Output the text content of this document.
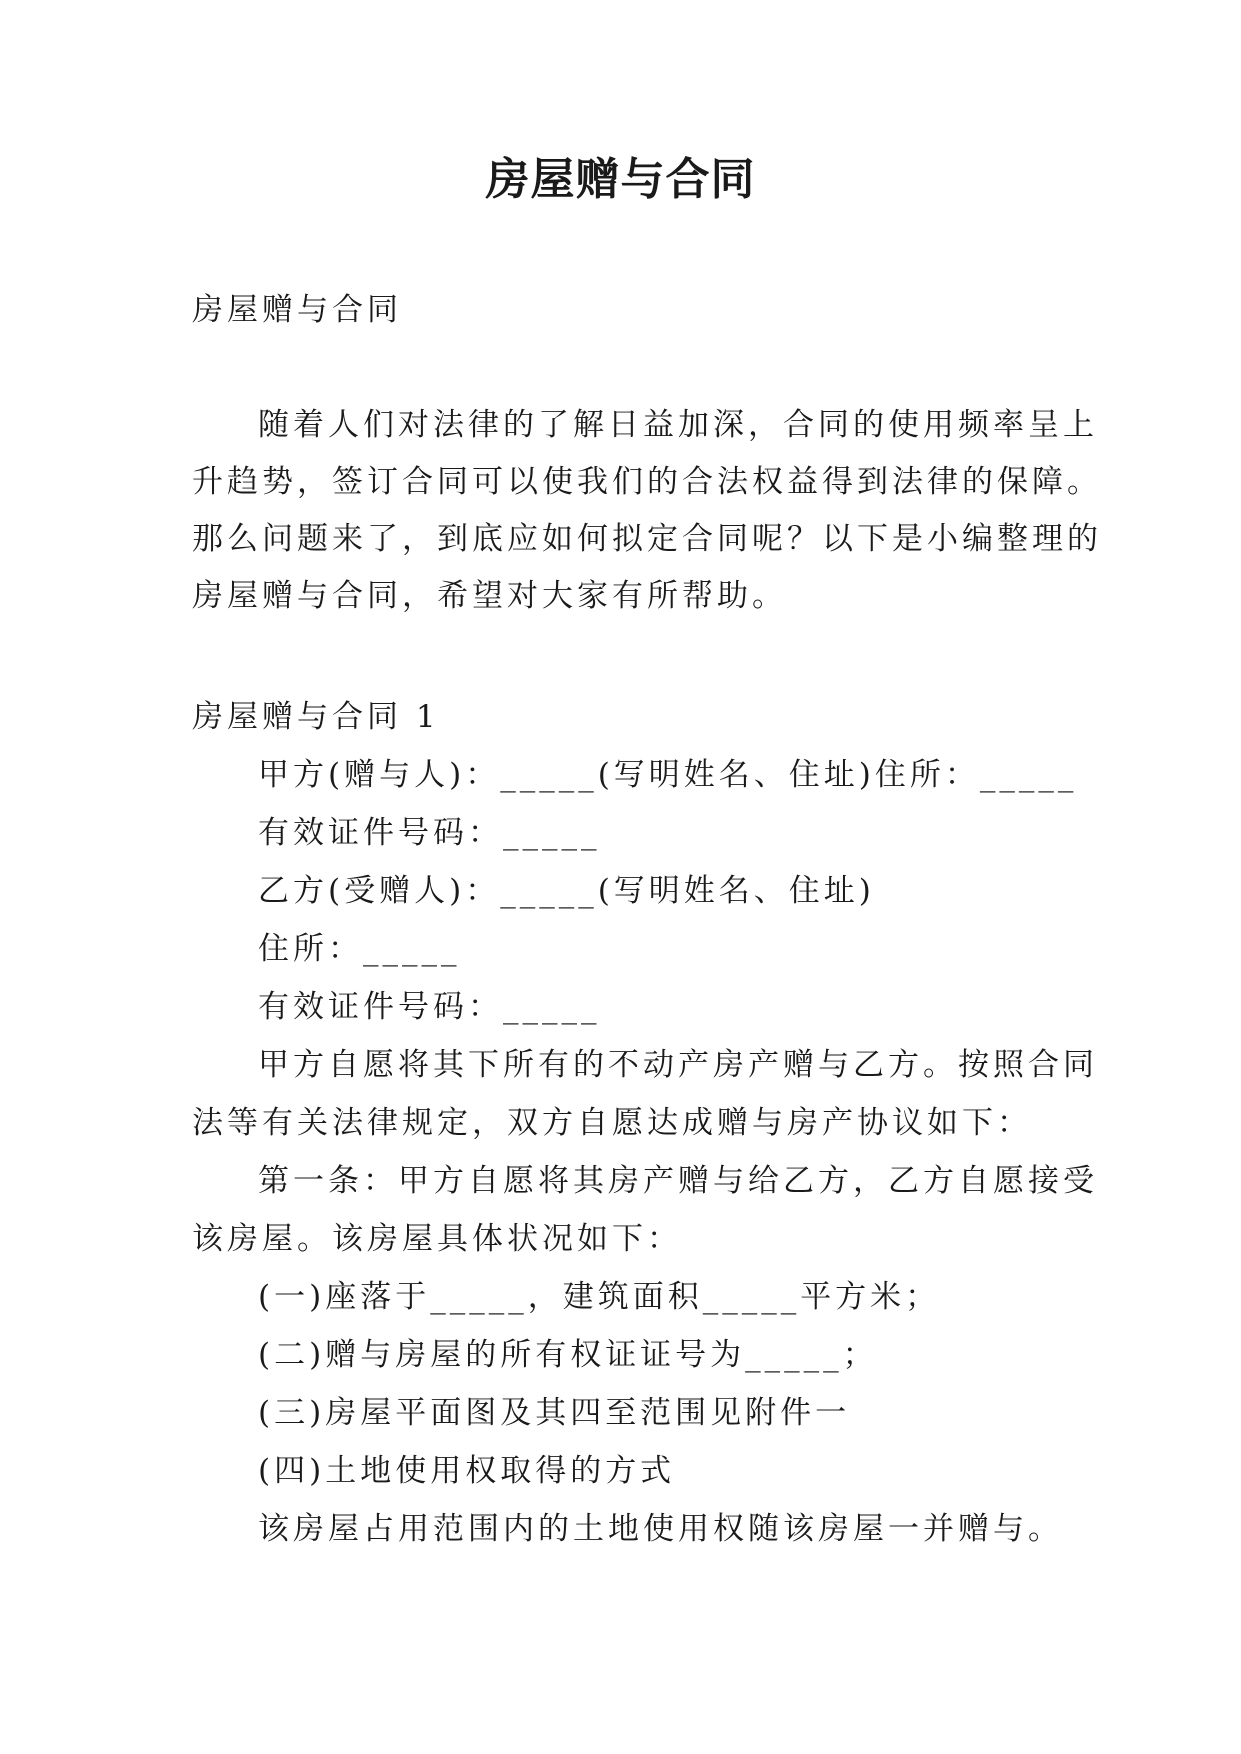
房屋赠与合同
房屋赠与合同
随着人们对法律的了解日益加深，合同的使用频率呈上
升趋势，签订合同可以使我们的合法权益得到法律的保障。
那么问题来了，到底应如何拟定合同呢？以下是小编整理的
房屋赠与合同，希望对大家有所帮助。
房屋赠与合同 1
甲方(赠与人)：_____(写明姓名、住址)住所：_____
有效证件号码：_____
乙方(受赠人)：_____(写明姓名、住址)
住所：_____
有效证件号码：_____
甲方自愿将其下所有的不动产房产赠与乙方。按照合同
法等有关法律规定，双方自愿达成赠与房产协议如下：
第一条：甲方自愿将其房产赠与给乙方，乙方自愿接受
该房屋。该房屋具体状况如下：
(一)座落于_____，建筑面积_____平方米；
(二)赠与房屋的所有权证证号为_____；
(三)房屋平面图及其四至范围见附件一
(四)土地使用权取得的方式
该房屋占用范围内的土地使用权随该房屋一并赠与。
